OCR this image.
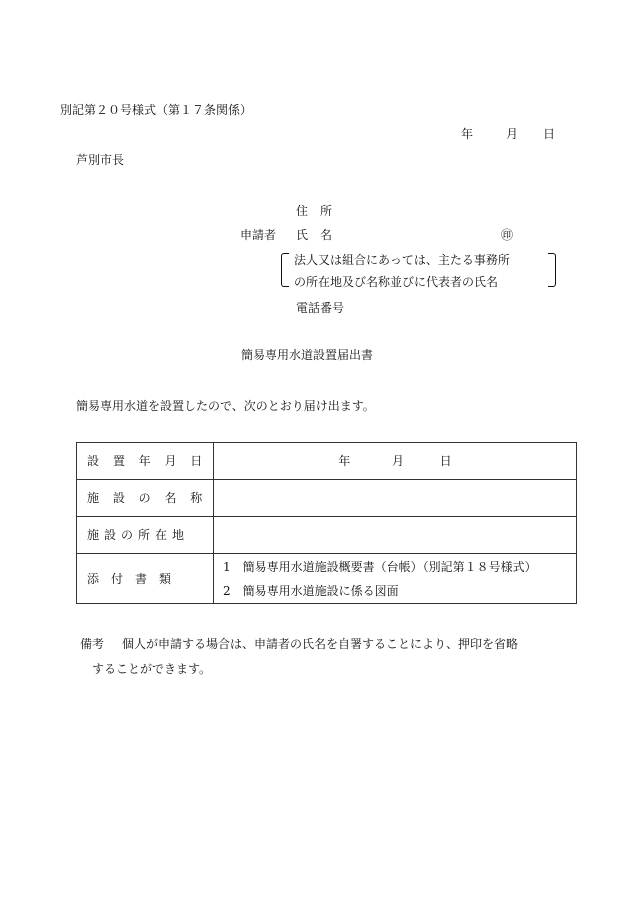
別記第２０号様式（第１７条関係）
年	月 日
芦別市長
住　所
申請者 氏　名	㊞
法人又は組合にあっては、主たる事務所
の所在地及び名称並びに代表者の氏名
電話番号
簡易専用水道設置届出書
簡易専用水道を設置したので、次のとおり届け出ます。
設 置 年 月 日	年 月 日

施 設 の 名 称	

施設の所在地	

添　付　書　類	1　簡易専用水道施設概要書（台帳）（別記第１８号様式）
2　簡易専用水道施設に係る図面
備考 個人が申請する場合は、申請者の氏名を自署することにより、押印を省略
することができます。
